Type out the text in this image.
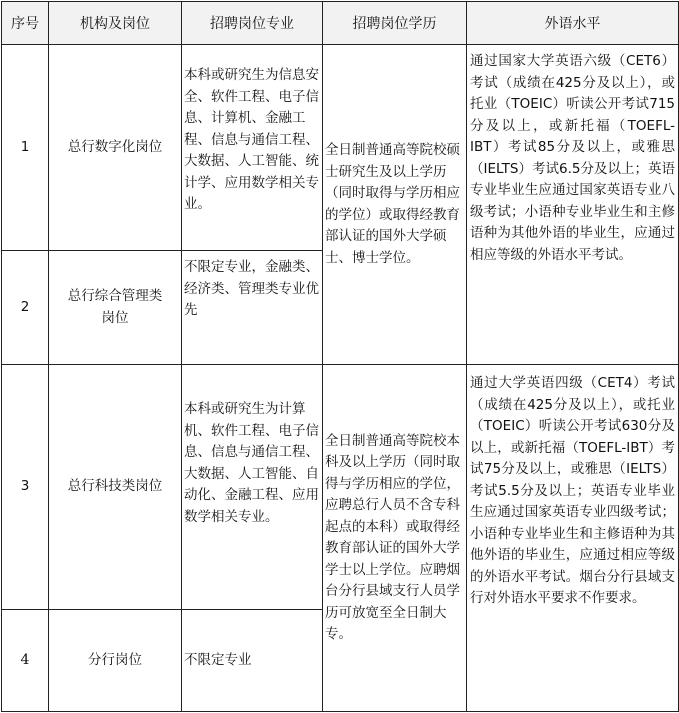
序号	机构及岗位	招聘岗位专业	招聘岗位学历	外语水平
1	总行数字化岗位	本科或研究生为信息安全、软件工程、电子信息、计算机、金融工程、信息与通信工程、大数据、人工智能、统计学、应用数学相关专业。	全日制普通高等院校硕士研究生及以上学历（同时取得与学历相应的学位）或取得经教育部认证的国外大学硕士、博士学位。	通过国家大学英语六级（CET6）考试（成绩在425分及以上），或托业（TOEIC）听读公开考试715分及以上，或新托福（TOEFL-IBT）考试85分及以上，或雅思（IELTS）考试6.5分及以上；英语专业毕业生应通过国家英语专业八级考试；小语种专业毕业生和主修语种为其他外语的毕业生，应通过相应等级的外语水平考试。
2	总行综合管理类岗位	不限定专业，金融类、经济类、管理类专业优先		
3	总行科技类岗位	本科或研究生为计算机、软件工程、电子信息、信息与通信工程、大数据、人工智能、自动化、金融工程、应用数学相关专业。	全日制普通高等院校本科及以上学历（同时取得与学历相应的学位，应聘总行人员不含专科起点的本科）或取得经教育部认证的国外大学学士以上学位。应聘烟台分行县域支行人员学历可放宽至全日制大专。	通过大学英语四级（CET4）考试（成绩在425分及以上），或托业（TOEIC）听读公开考试630分及以上，或新托福（TOEFL-IBT）考试75分及以上，或雅思（IELTS）考试5.5分及以上；英语专业毕业生应通过国家英语专业四级考试；小语种专业毕业生和主修语种为其他外语的毕业生，应通过相应等级的外语水平考试。烟台分行县域支行对外语水平要求不作要求。
4	分行岗位	不限定专业		
